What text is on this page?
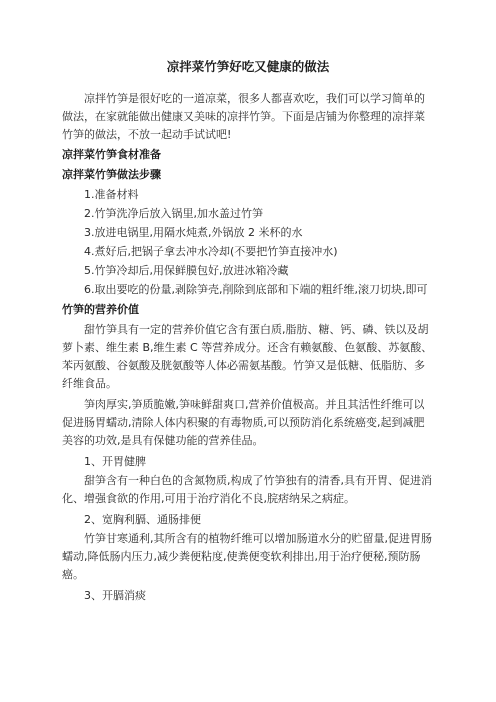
凉拌菜竹笋好吃又健康的做法

凉拌竹笋是很好吃的一道凉菜，很多人都喜欢吃，我们可以学习简单的做法，在家就能做出健康又美味的凉拌竹笋。下面是店铺为你整理的凉拌菜竹笋的做法，不放一起动手试试吧!

凉拌菜竹笋食材准备
凉拌菜竹笋做法步骤
1.准备材料
2.竹笋洗净后放入锅里,加水盖过竹笋
3.放进电锅里,用隔水炖煮,外锅放 2 米杯的水
4.煮好后,把锅子拿去冲水冷却(不要把竹笋直接冲水)
5.竹笋冷却后,用保鲜膜包好,放进冰箱冷藏
6.取出要吃的份量,剥除笋壳,削除到底部和下端的粗纤维,滚刀切块,即可
竹笋的营养价值

甜竹笋具有一定的营养价值它含有蛋白质,脂肪、糖、钙、磷、铁以及胡萝卜素、维生素 B,维生素 C 等营养成分。还含有赖氨酸、色氨酸、苏氨酸、苯丙氨酸、谷氨酸及胱氨酸等人体必需氨基酸。竹笋又是低糖、低脂肪、多纤维食品。

笋肉厚实,笋质脆嫩,笋味鲜甜爽口,营养价值极高。并且其活性纤维可以促进肠胃蠕动,清除人体内积聚的有毒物质,可以预防消化系统癌变,起到减肥美容的功效,是具有保健功能的营养佳品。

1、开胃健脾

甜笋含有一种白色的含氮物质,构成了竹笋独有的清香,具有开胃、促进消化、增强食欲的作用,可用于治疗消化不良,脘痞纳呆之病症。

2、宽胸利膈、通肠排便

竹笋甘寒通利,其所含有的植物纤维可以增加肠道水分的贮留量,促进胃肠蠕动,降低肠内压力,减少粪便粘度,使粪便变软利排出,用于治疗便秘,预防肠癌。

3、开膈消痰
